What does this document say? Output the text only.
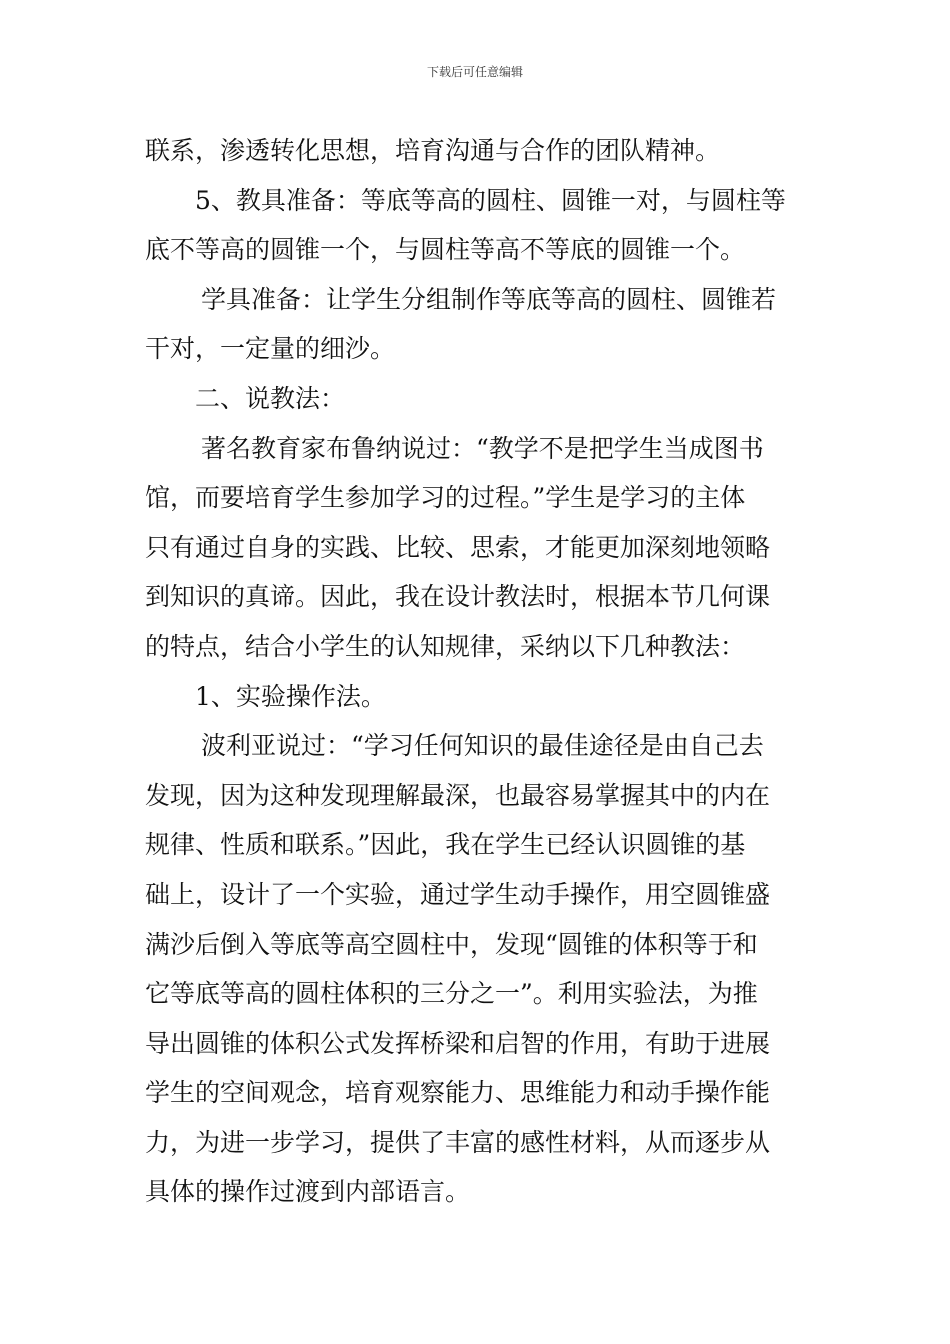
下载后可任意编辑
联系，渗透转化思想，培育沟通与合作的团队精神。
5、教具准备：等底等高的圆柱、圆锥一对，与圆柱等
底不等高的圆锥一个，与圆柱等高不等底的圆锥一个。
学具准备：让学生分组制作等底等高的圆柱、圆锥若
干对，一定量的细沙。
二、说教法：
著名教育家布鲁纳说过：“教学不是把学生当成图书
馆，而要培育学生参加学习的过程。”学生是学习的主体
只有通过自身的实践、比较、思索，才能更加深刻地领略
到知识的真谛。因此，我在设计教法时，根据本节几何课
的特点，结合小学生的认知规律，采纳以下几种教法：
1、实验操作法。
波利亚说过：“学习任何知识的最佳途径是由自己去
发现，因为这种发现理解最深，也最容易掌握其中的内在
规律、性质和联系。”因此，我在学生已经认识圆锥的基
础上，设计了一个实验，通过学生动手操作，用空圆锥盛
满沙后倒入等底等高空圆柱中，发现“圆锥的体积等于和
它等底等高的圆柱体积的三分之一”。利用实验法，为推
导出圆锥的体积公式发挥桥梁和启智的作用，有助于进展
学生的空间观念，培育观察能力、思维能力和动手操作能
力，为进一步学习，提供了丰富的感性材料，从而逐步从
具体的操作过渡到内部语言。
